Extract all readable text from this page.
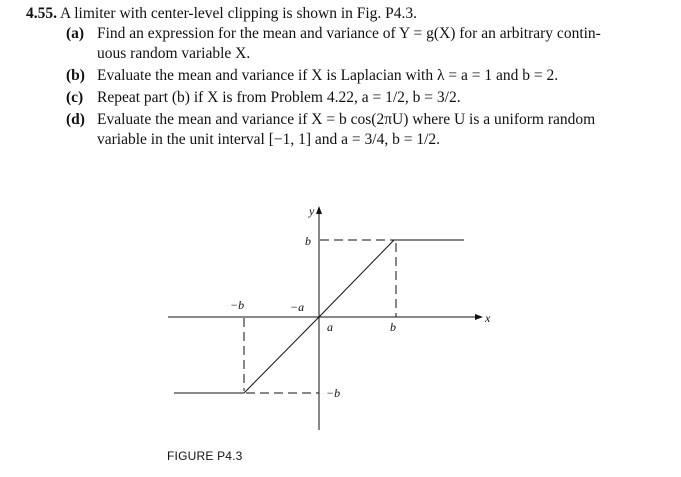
4.55. A limiter with center-level clipping is shown in Fig. P4.3.
(a) Find an expression for the mean and variance of Y = g(X) for an arbitrary contin-
uous random variable X.
(b) Evaluate the mean and variance if X is Laplacian with λ = a = 1 and b = 2.
(c) Repeat part (b) if X is from Problem 4.22, a = 1/2, b = 3/2.
(d) Evaluate the mean and variance if X = b cos(2πU) where U is a uniform random
variable in the unit interval [−1, 1] and a = 3/4, b = 1/2.
y
x
b
−b	−a
a	b
−b
FIGURE P4.3
